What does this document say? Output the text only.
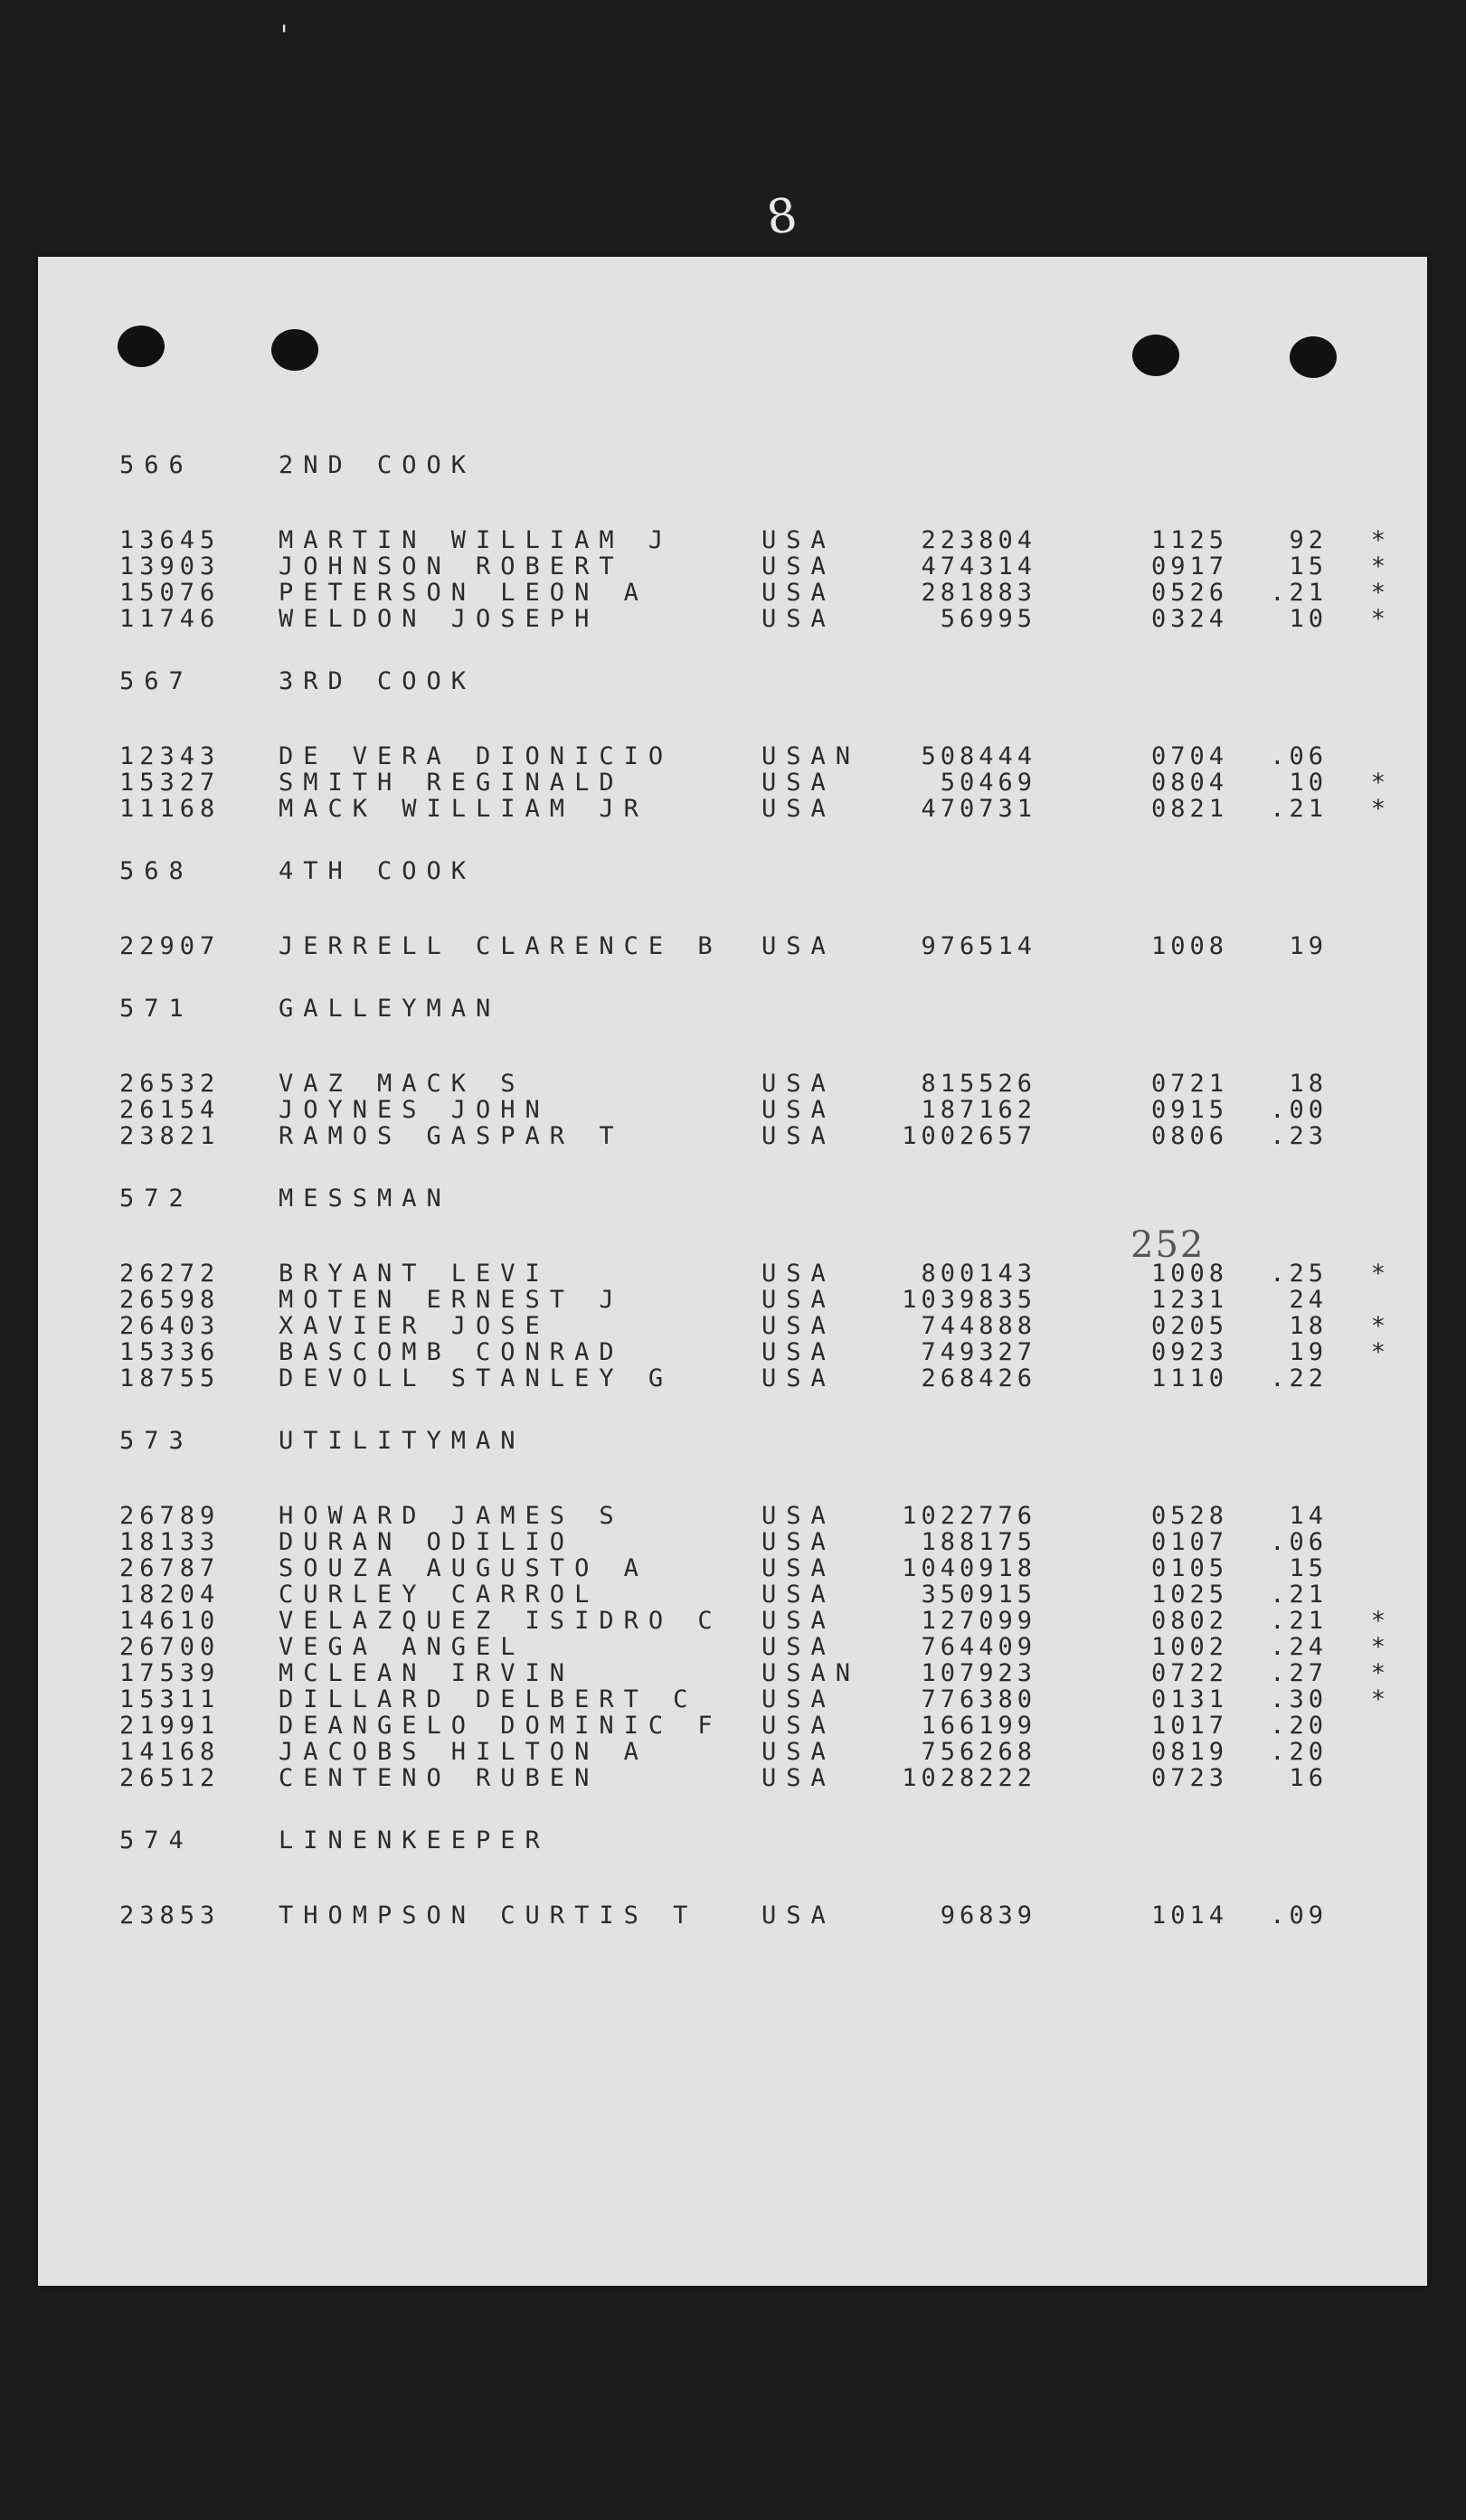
'
8
252
566	2ND COOK
13645	MARTIN WILLIAM J	USA	223804	1125	92	*
13903	JOHNSON ROBERT	USA	474314	0917	15	*
15076	PETERSON LEON A	USA	281883	0526	.21	*
11746	WELDON JOSEPH	USA	56995	0324	10	*
567	3RD COOK
12343	DE VERA DIONICIO	USAN	508444	0704	.06
15327	SMITH REGINALD	USA	50469	0804	10	*
11168	MACK WILLIAM JR	USA	470731	0821	.21	*
568	4TH COOK
22907	JERRELL CLARENCE B	USA	976514	1008	19
571	GALLEYMAN
26532	VAZ MACK S	USA	815526	0721	18
26154	JOYNES JOHN	USA	187162	0915	.00
23821	RAMOS GASPAR T	USA	1002657	0806	.23
572	MESSMAN
26272	BRYANT LEVI	USA	800143	1008	.25	*
26598	MOTEN ERNEST J	USA	1039835	1231	24
26403	XAVIER JOSE	USA	744888	0205	18	*
15336	BASCOMB CONRAD	USA	749327	0923	19	*
18755	DEVOLL STANLEY G	USA	268426	1110	.22
573	UTILITYMAN
26789	HOWARD JAMES S	USA	1022776	0528	14
18133	DURAN ODILIO	USA	188175	0107	.06
26787	SOUZA AUGUSTO A	USA	1040918	0105	15
18204	CURLEY CARROL	USA	350915	1025	.21
14610	VELAZQUEZ ISIDRO C	USA	127099	0802	.21	*
26700	VEGA ANGEL	USA	764409	1002	.24	*
17539	MCLEAN IRVIN	USAN	107923	0722	.27	*
15311	DILLARD DELBERT C	USA	776380	0131	.30	*
21991	DEANGELO DOMINIC F	USA	166199	1017	.20
14168	JACOBS HILTON A	USA	756268	0819	.20
26512	CENTENO RUBEN	USA	1028222	0723	16
574	LINENKEEPER
23853	THOMPSON CURTIS T	USA	96839	1014	.09
